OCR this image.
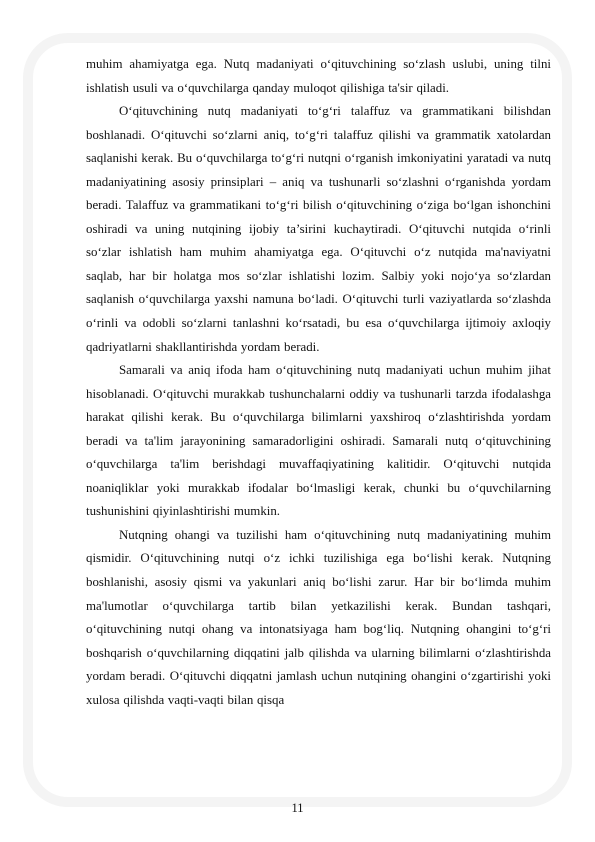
muhim ahamiyatga ega. Nutq madaniyati o‘qituvchining so‘zlash uslubi, uning tilni ishlatish usuli va o‘quvchilarga qanday muloqot qilishiga ta'sir qiladi.

O‘qituvchining nutq madaniyati to‘g‘ri talaffuz va grammatikani bilishdan boshlanadi. O‘qituvchi so‘zlarni aniq, to‘g‘ri talaffuz qilishi va grammatik xatolardan saqlanishi kerak. Bu o‘quvchilarga to‘g‘ri nutqni o‘rganish imkoniyatini yaratadi va nutq madaniyatining asosiy prinsiplari – aniq va tushunarli so‘zlashni o‘rganishda yordam beradi. Talaffuz va grammatikani to‘g‘ri bilish o‘qituvchining o‘ziga bo‘lgan ishonchini oshiradi va uning nutqining ijobiy ta’sirini kuchaytiradi. O‘qituvchi nutqida o‘rinli so‘zlar ishlatish ham muhim ahamiyatga ega. O‘qituvchi o‘z nutqida ma'naviyatni saqlab, har bir holatga mos so‘zlar ishlatishi lozim. Salbiy yoki nojo‘ya so‘zlardan saqlanish o‘quvchilarga yaxshi namuna bo‘ladi. O‘qituvchi turli vaziyatlarda so‘zlashda o‘rinli va odobli so‘zlarni tanlashni ko‘rsatadi, bu esa o‘quvchilarga ijtimoiy axloqiy qadriyatlarni shakllantirishda yordam beradi.

Samarali va aniq ifoda ham o‘qituvchining nutq madaniyati uchun muhim jihat hisoblanadi. O‘qituvchi murakkab tushunchalarni oddiy va tushunarli tarzda ifodalashga harakat qilishi kerak. Bu o‘quvchilarga bilimlarni yaxshiroq o‘zlashtirishda yordam beradi va ta'lim jarayonining samaradorligini oshiradi. Samarali nutq o‘qituvchining o‘quvchilarga ta'lim berishdagi muvaffaqiyatining kalitidir. O‘qituvchi nutqida noaniqliklar yoki murakkab ifodalar bo‘lmasligi kerak, chunki bu o‘quvchilarning tushunishini qiyinlashtirishi mumkin.

Nutqning ohangi va tuzilishi ham o‘qituvchining nutq madaniyatining muhim qismidir. O‘qituvchining nutqi o‘z ichki tuzilishiga ega bo‘lishi kerak. Nutqning boshlanishi, asosiy qismi va yakunlari aniq bo‘lishi zarur. Har bir bo‘limda muhim ma'lumotlar o‘quvchilarga tartib bilan yetkazilishi kerak. Bundan tashqari, o‘qituvchining nutqi ohang va intonatsiyaga ham bog‘liq. Nutqning ohangini to‘g‘ri boshqarish o‘quvchilarning diqqatini jalb qilishda va ularning bilimlarni o‘zlashtirishda yordam beradi. O‘qituvchi diqqatni jamlash uchun nutqining ohangini o‘zgartirishi yoki xulosa qilishda vaqti-vaqti bilan qisqa

11
